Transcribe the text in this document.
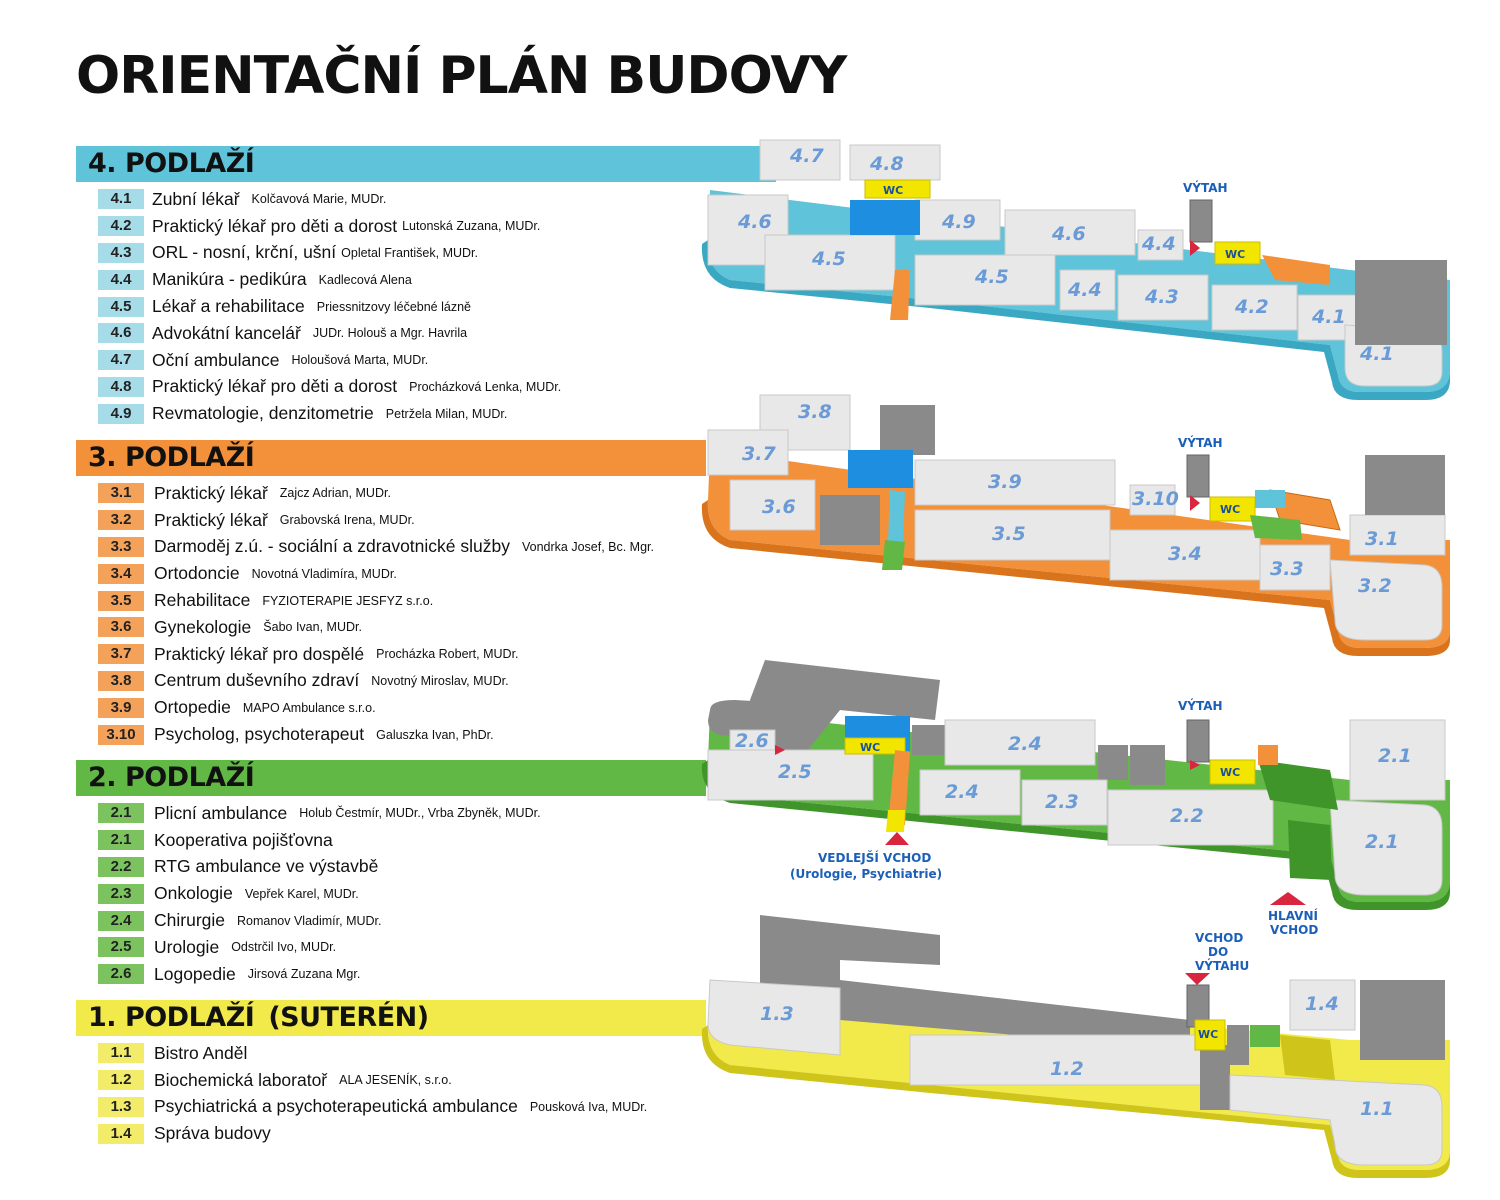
ORIENTAČNÍ PLÁN BUDOVY
4. PODLAŽÍ
4.1	Zubní lékař Kolčavová Marie, MUDr.
4.2	Praktický lékař pro děti a dorost Lutonská Zuzana, MUDr.
4.3	ORL - nosní, krční, ušní Opletal František, MUDr.
4.4	Manikúra - pedikúra Kadlecová Alena
4.5	Lékař a rehabilitace Priessnitzovy léčebné lázně
4.6	Advokátní kancelář JUDr. Holouš a Mgr. Havrila
4.7	Oční ambulance Holoušová Marta, MUDr.
4.8	Praktický lékař pro děti a dorost Procházková Lenka, MUDr.
4.9	Revmatologie, denzitometrie Petržela Milan, MUDr.
3. PODLAŽÍ
3.1	Praktický lékař Zajcz Adrian, MUDr.
3.2	Praktický lékař Grabovská Irena, MUDr.
3.3	Darmoděj z.ú. - sociální a zdravotnické služby Vondrka Josef, Bc. Mgr.
3.4	Ortodoncie Novotná Vladimíra, MUDr.
3.5	Rehabilitace FYZIOTERAPIE JESFYZ s.r.o.
3.6	Gynekologie Šabo Ivan, MUDr.
3.7	Praktický lékař pro dospělé Procházka Robert, MUDr.
3.8	Centrum duševního zdraví Novotný Miroslav, MUDr.
3.9	Ortopedie MAPO Ambulance s.r.o.
3.10	Psycholog, psychoterapeut Galuszka Ivan, PhDr.
2. PODLAŽÍ
2.1	Plicní ambulance Holub Čestmír, MUDr., Vrba Zbyněk, MUDr.
2.1	Kooperativa pojišťovna
2.2	RTG ambulance ve výstavbě
2.3	Onkologie Vepřek Karel, MUDr.
2.4	Chirurgie Romanov Vladimír, MUDr.
2.5	Urologie Odstrčil Ivo, MUDr.
2.6	Logopedie Jirsová Zuzana Mgr.
1. PODLAŽÍ (SUTERÉN)
1.1	Bistro Anděl
1.2	Biochemická laboratoř ALA JESENÍK, s.r.o.
1.3	Psychiatrická a psychoterapeutická ambulance Pousková Iva, MUDr.
1.4	Správa budovy
VÝTAH
WC
WC
4.7 4.8
4.6
4.5
4.9
4.6	4.4
4.5
4.4 4.3	4.2 4.1
4.1
VÝTAH
WC
3.8
3.7
3.6
3.9
3.10
3.5
3.4
3.3
3.1
3.2
VÝTAH
WC
WC
VEDLEJŠÍ VCHOD
(Urologie, Psychiatrie)
HLAVNÍ
VCHOD
2.6
2.5
2.4
2.4	2.3
2.2
2.1
2.1
VCHOD
DO
VÝTAHU
WC
1.3
1.2
1.4
1.1
